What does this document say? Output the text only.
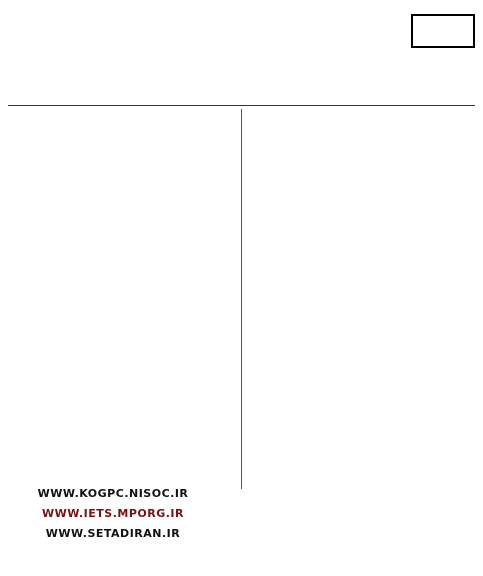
WWW.KOGPC.NISOC.IR
WWW.IETS.MPORG.IR
WWW.SETADIRAN.IR
